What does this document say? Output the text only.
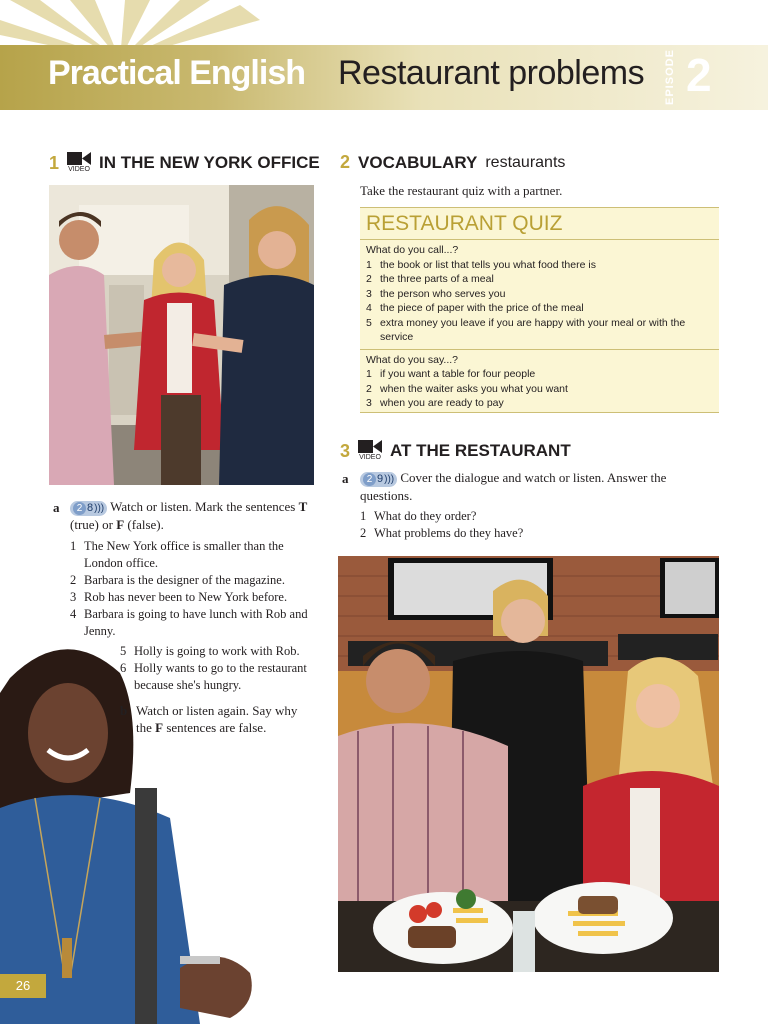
Practical English Restaurant problems EPISODE 2
1 VIDEO IN THE NEW YORK OFFICE
a	2 8))) Watch or listen. Mark the sentences T (true) or F (false).
1 The New York office is smaller than the London office.
2 Barbara is the designer of the magazine.
3 Rob has never been to New York before.
4 Barbara is going to have lunch with Rob and Jenny.
5 Holly is going to work with Rob.
6 Holly wants to go to the restaurant because she's hungry.
b Watch or listen again. Say why the F sentences are false.
2 VOCABULARY restaurants
Take the restaurant quiz with a partner.
RESTAURANT QUIZ
What do you call...?
1 the book or list that tells you what food there is
2 the three parts of a meal
3 the person who serves you
4 the piece of paper with the price of the meal
5 extra money you leave if you are happy with your meal or with the service
What do you say...?
1 if you want a table for four people
2 when the waiter asks you what you want
3 when you are ready to pay
3 VIDEO AT THE RESTAURANT
a	2 9))) Cover the dialogue and watch or listen. Answer the questions.
1 What do they order?
2 What problems do they have?
26
